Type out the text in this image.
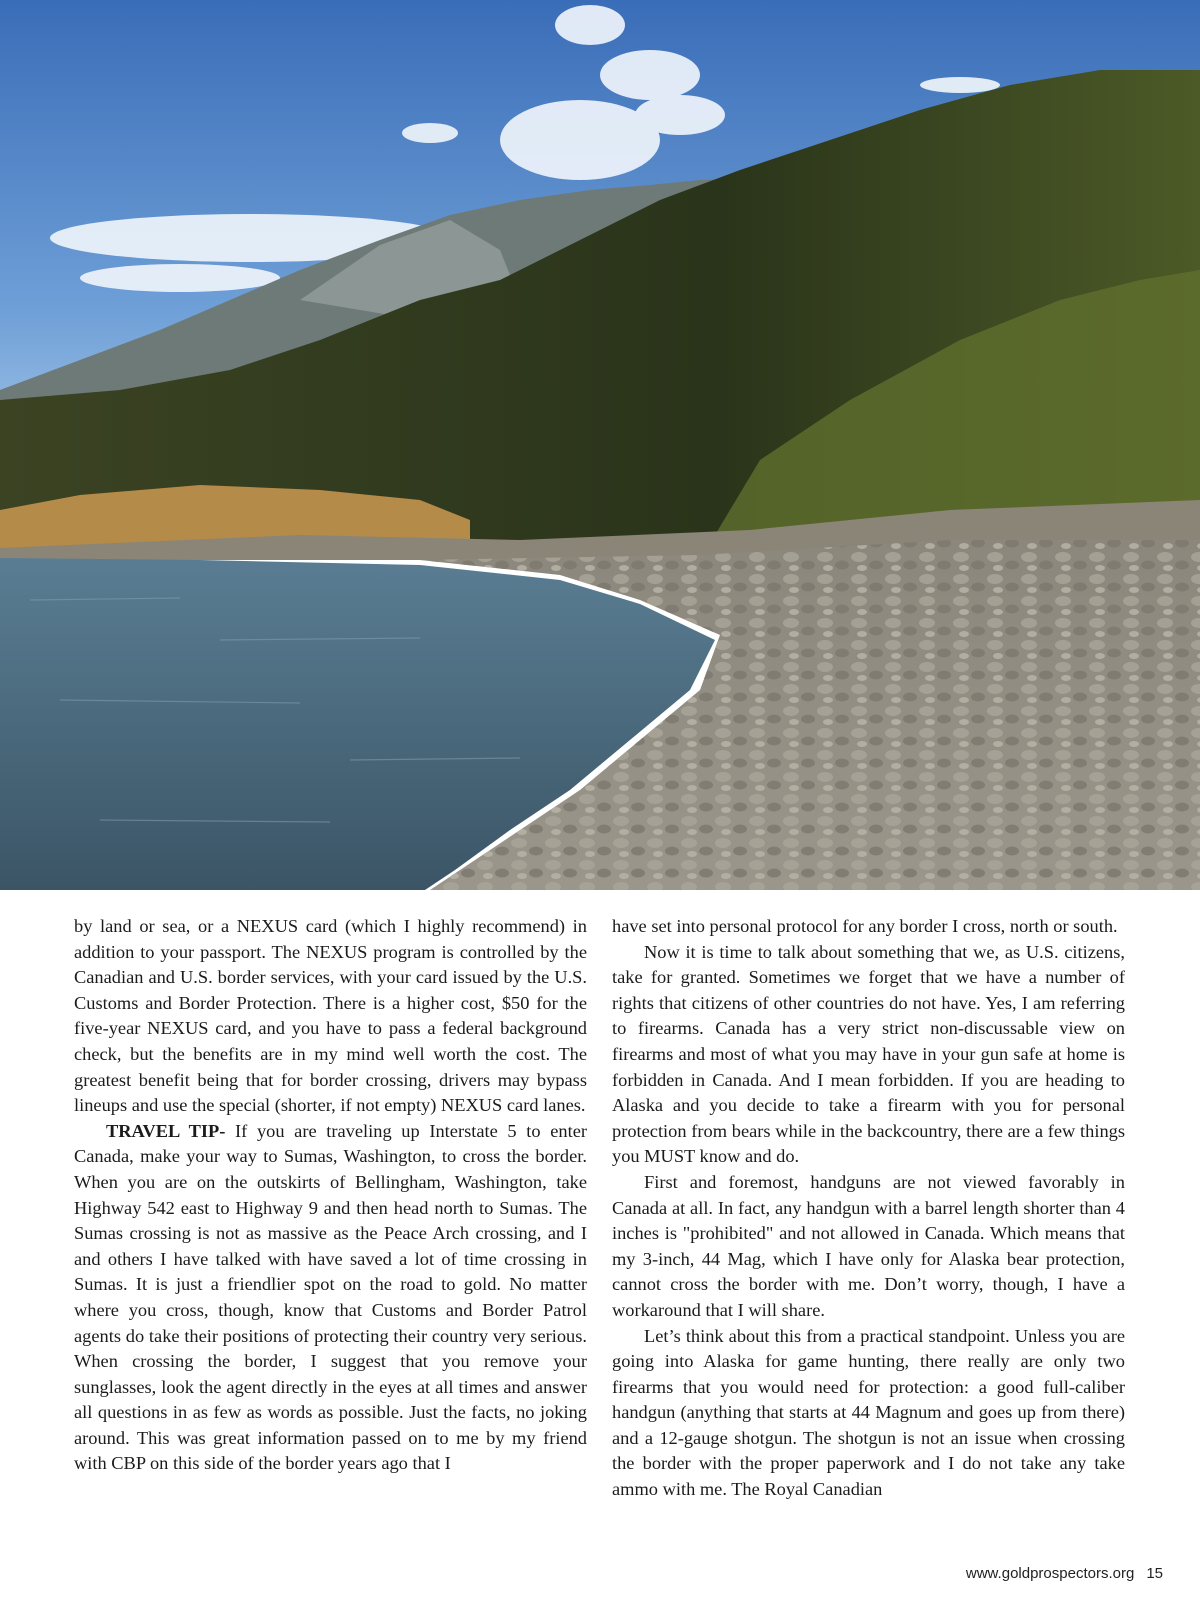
by land or sea, or a NEXUS card (which I highly recommend) in addition to your passport. The NEXUS program is controlled by the Canadian and U.S. border services, with your card issued by the U.S. Customs and Border Protection. There is a higher cost, $50 for the five-year NEXUS card, and you have to pass a federal background check, but the benefits are in my mind well worth the cost. The greatest benefit being that for border crossing, drivers may bypass lineups and use the special (shorter, if not empty) NEXUS card lanes.

TRAVEL TIP- If you are traveling up Interstate 5 to enter Canada, make your way to Sumas, Washington, to cross the border. When you are on the outskirts of Bellingham, Washington, take Highway 542 east to Highway 9 and then head north to Sumas. The Sumas crossing is not as massive as the Peace Arch crossing, and I and others I have talked with have saved a lot of time crossing in Sumas. It is just a friendlier spot on the road to gold. No matter where you cross, though, know that Customs and Border Patrol agents do take their positions of protecting their country very serious. When crossing the border, I suggest that you remove your sunglasses, look the agent directly in the eyes at all times and answer all questions in as few as words as possible. Just the facts, no joking around. This was great information passed on to me by my friend with CBP on this side of the border years ago that I

have set into personal protocol for any border I cross, north or south.

Now it is time to talk about something that we, as U.S. citizens, take for granted. Sometimes we forget that we have a number of rights that citizens of other countries do not have. Yes, I am referring to firearms. Canada has a very strict non-discussable view on firearms and most of what you may have in your gun safe at home is forbidden in Canada. And I mean forbidden. If you are heading to Alaska and you decide to take a firearm with you for personal protection from bears while in the backcountry, there are a few things you MUST know and do.

First and foremost, handguns are not viewed favorably in Canada at all. In fact, any handgun with a barrel length shorter than 4 inches is "prohibited" and not allowed in Canada. Which means that my 3-inch, 44 Mag, which I have only for Alaska bear protection, cannot cross the border with me. Don’t worry, though, I have a workaround that I will share.

Let’s think about this from a practical standpoint. Unless you are going into Alaska for game hunting, there really are only two firearms that you would need for protection: a good full-caliber handgun (anything that starts at 44 Magnum and goes up from there) and a 12-gauge shotgun. The shotgun is not an issue when crossing the border with the proper paperwork and I do not take any take ammo with me. The Royal Canadian

www.goldprospectors.org 15
